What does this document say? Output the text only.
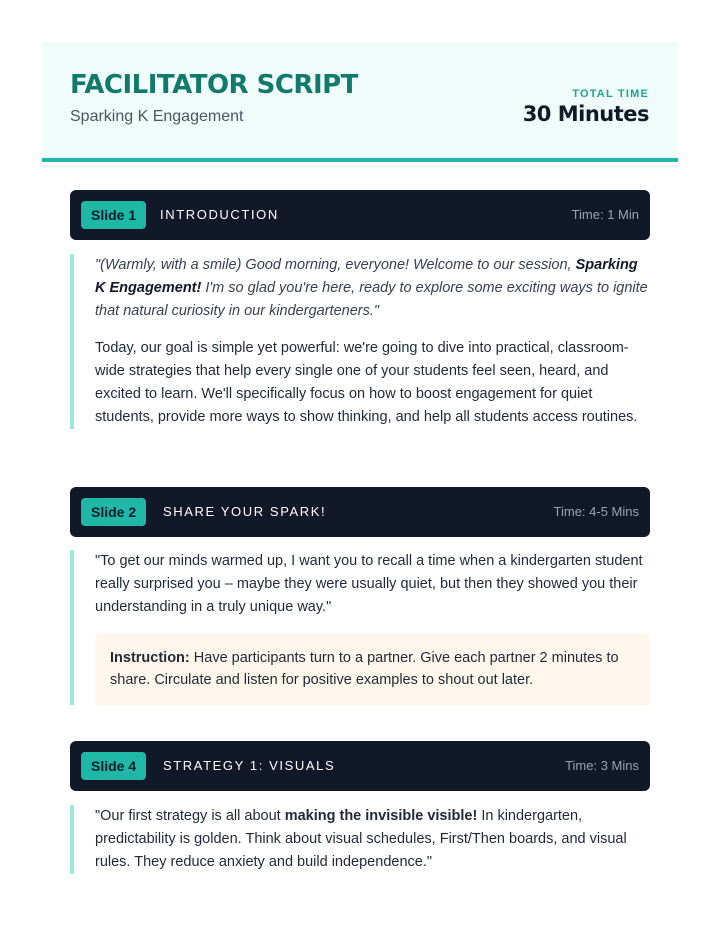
FACILITATOR SCRIPT
Sparking K Engagement
TOTAL TIME
30 Minutes
Slide 1	INTRODUCTION	Time: 1 Min

"(Warmly, with a smile) Good morning, everyone! Welcome to our session, Sparking K Engagement! I'm so glad you're here, ready to explore some exciting ways to ignite that natural curiosity in our kindergarteners."

Today, our goal is simple yet powerful: we're going to dive into practical, classroom-wide strategies that help every single one of your students feel seen, heard, and excited to learn. We'll specifically focus on how to boost engagement for quiet students, provide more ways to show thinking, and help all students access routines.

Slide 2	SHARE YOUR SPARK!	Time: 4-5 Mins

"To get our minds warmed up, I want you to recall a time when a kindergarten student really surprised you – maybe they were usually quiet, but then they showed you their understanding in a truly unique way."

Instruction: Have participants turn to a partner. Give each partner 2 minutes to share. Circulate and listen for positive examples to shout out later.
Slide 4	STRATEGY 1: VISUALS	Time: 3 Mins

"Our first strategy is all about making the invisible visible! In kindergarten, predictability is golden. Think about visual schedules, First/Then boards, and visual rules. They reduce anxiety and build independence."
